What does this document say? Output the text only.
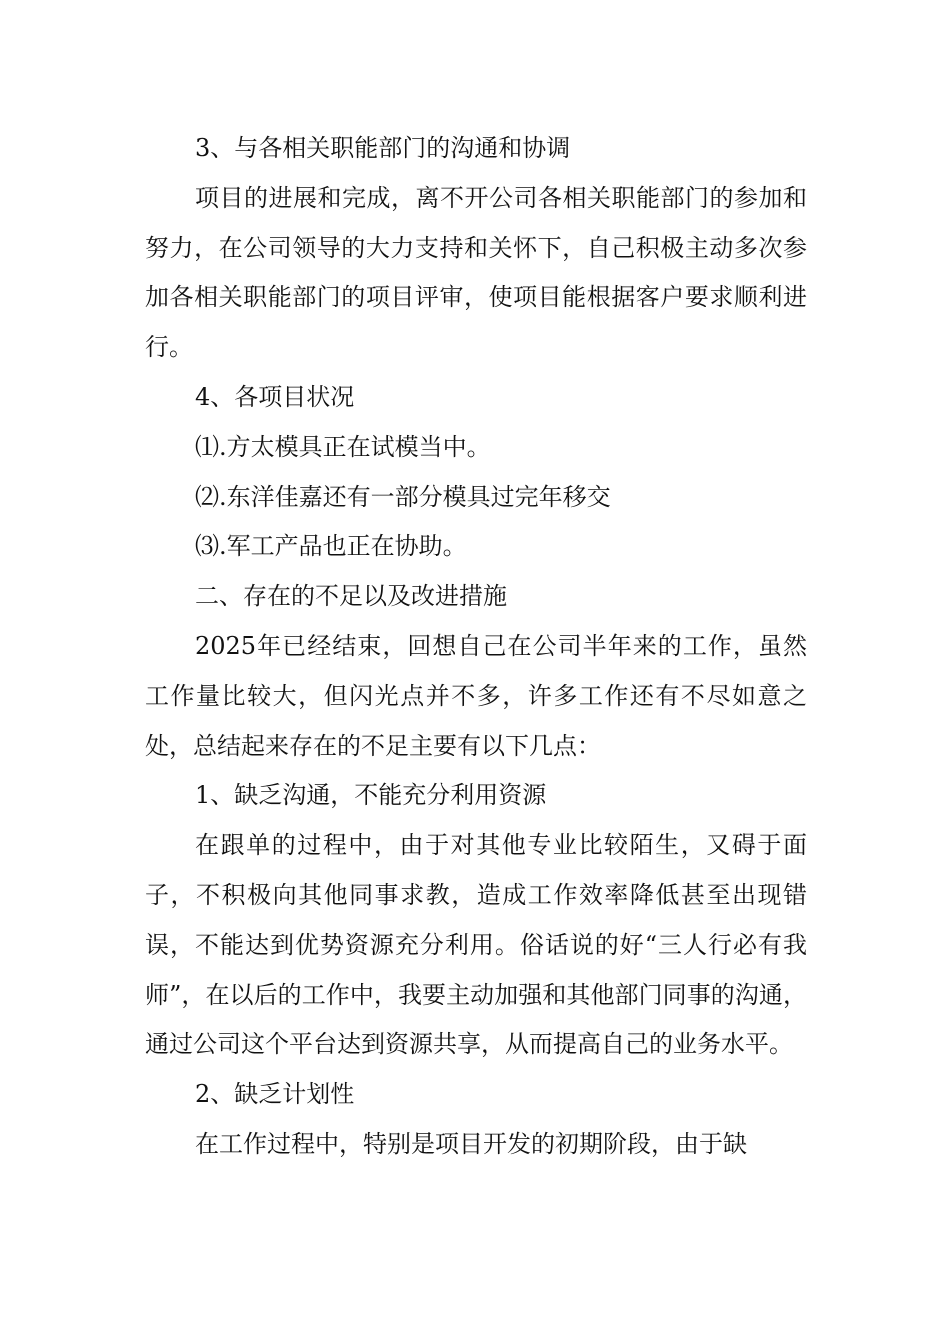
3、与各相关职能部门的沟通和协调

项目的进展和完成，离不开公司各相关职能部门的参加和努力，在公司领导的大力支持和关怀下，自己积极主动多次参加各相关职能部门的项目评审，使项目能根据客户要求顺利进行。

4、各项目状况

⑴.方太模具正在试模当中。

⑵.东洋佳嘉还有一部分模具过完年移交

⑶.军工产品也正在协助。

二、存在的不足以及改进措施

2025年已经结束，回想自己在公司半年来的工作，虽然工作量比较大，但闪光点并不多，许多工作还有不尽如意之处，总结起来存在的不足主要有以下几点：

1、缺乏沟通，不能充分利用资源

在跟单的过程中，由于对其他专业比较陌生，又碍于面子，不积极向其他同事求教，造成工作效率降低甚至出现错误，不能达到优势资源充分利用。俗话说的好“三人行必有我师”，在以后的工作中，我要主动加强和其他部门同事的沟通，通过公司这个平台达到资源共享，从而提高自己的业务水平。

2、缺乏计划性

在工作过程中，特别是项目开发的初期阶段，由于缺
